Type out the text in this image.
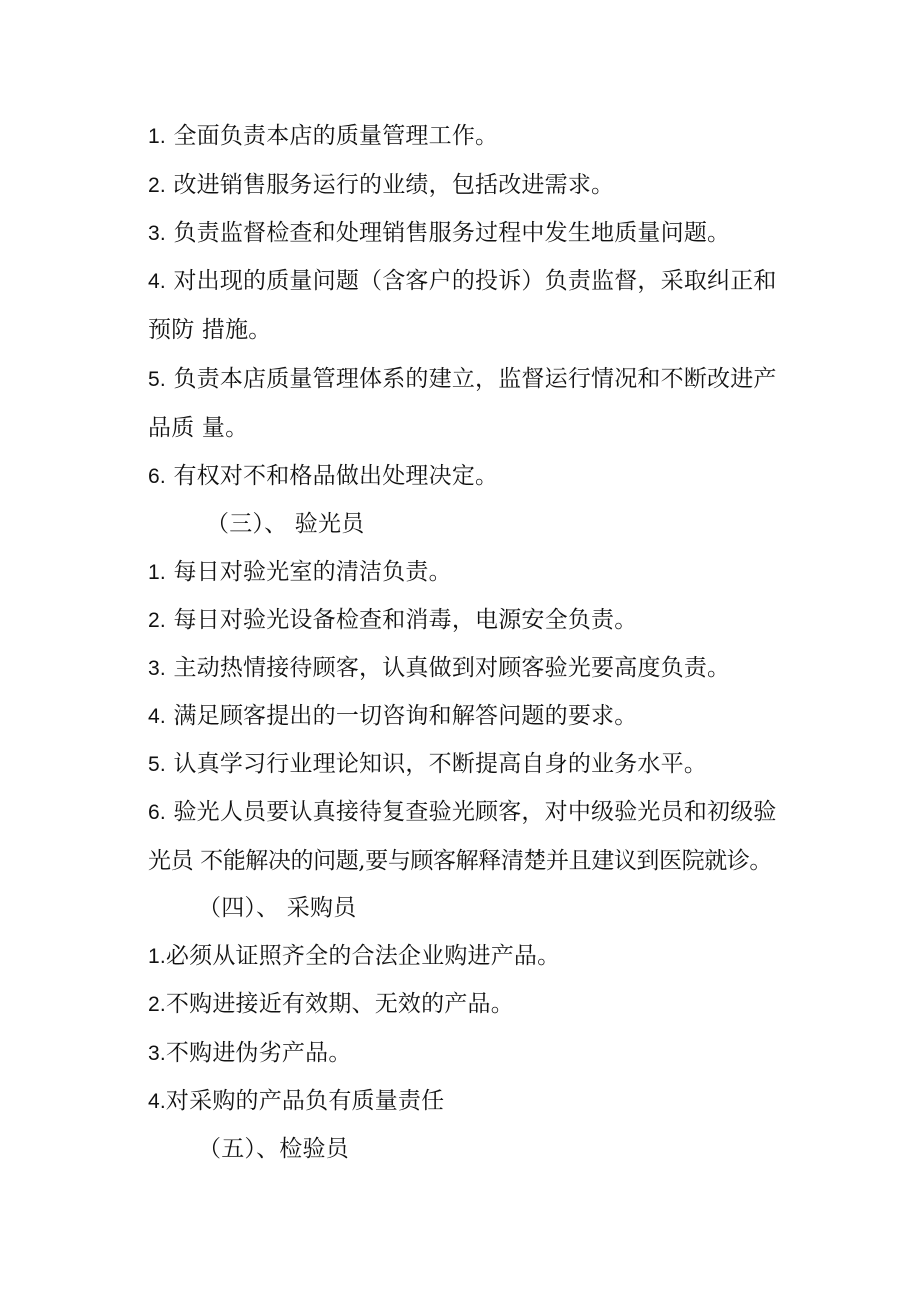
1. 全面负责本店的质量管理工作。
2. 改进销售服务运行的业绩，包括改进需求。
3. 负责监督检查和处理销售服务过程中发生地质量问题。
4. 对出现的质量问题（含客户的投诉）负责监督，采取纠正和
预防 措施。
5. 负责本店质量管理体系的建立，监督运行情况和不断改进产
品质 量。
6. 有权对不和格品做出处理决定。
（三）、 验光员
1. 每日对验光室的清洁负责。
2. 每日对验光设备检查和消毒，电源安全负责。
3. 主动热情接待顾客，认真做到对顾客验光要高度负责。
4. 满足顾客提出的一切咨询和解答问题的要求。
5. 认真学习行业理论知识，不断提高自身的业务水平。
6. 验光人员要认真接待复查验光顾客，对中级验光员和初级验
光员 不能解决的问题,要与顾客解释清楚并且建议到医院就诊。
（四）、 采购员
1.必须从证照齐全的合法企业购进产品。
2.不购进接近有效期、无效的产品。
3.不购进伪劣产品。
4.对采购的产品负有质量责任
（五）、检验员
